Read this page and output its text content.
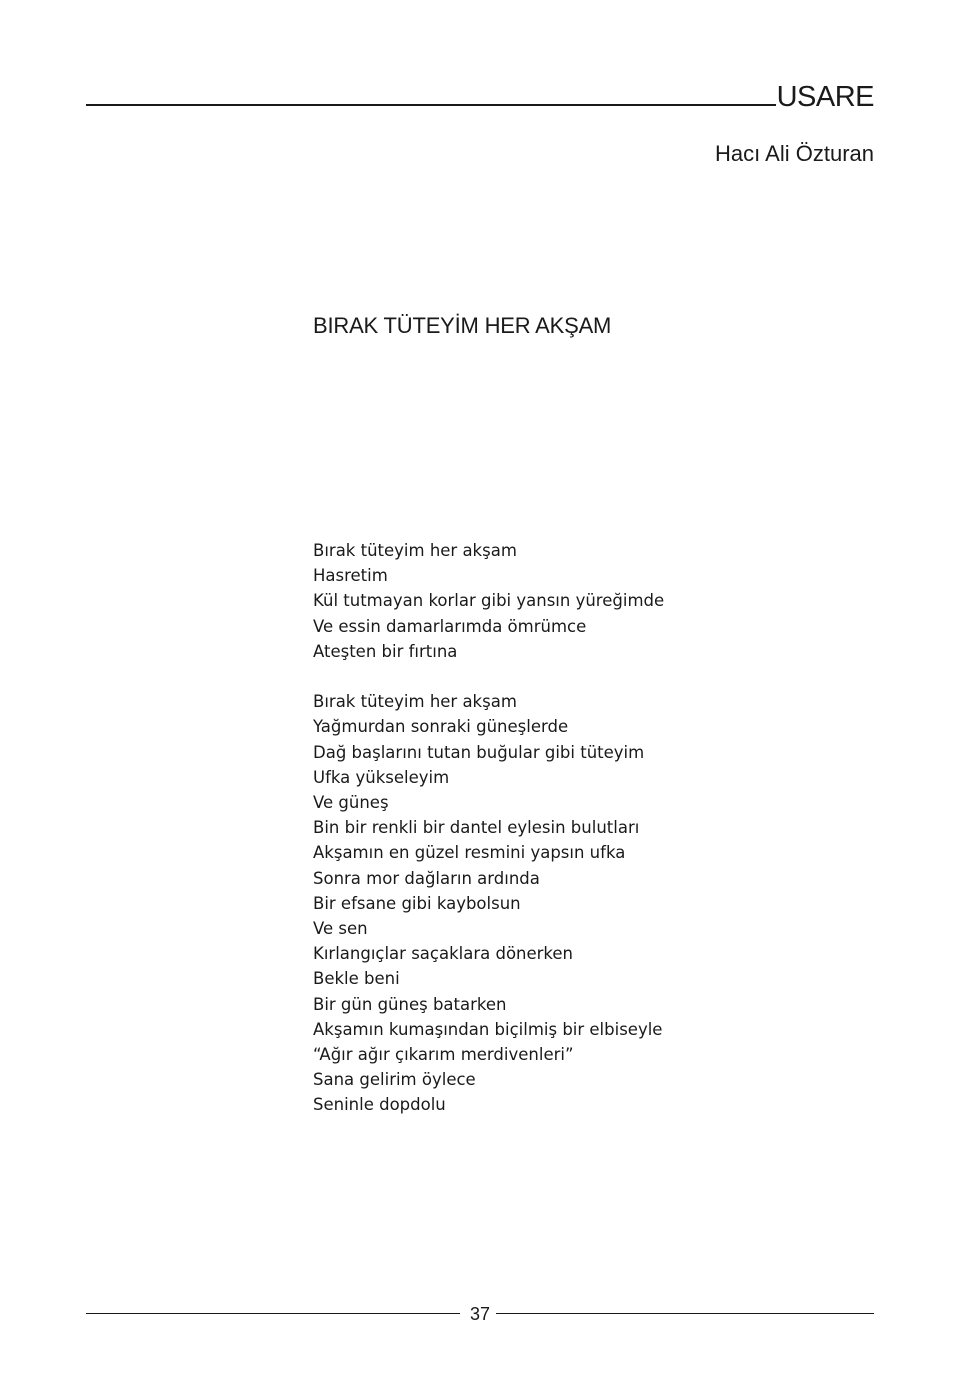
USARE
Hacı Ali Özturan
BIRAK TÜTEYİM HER AKŞAM
Bırak tüteyim her akşam
Hasretim
Kül tutmayan korlar gibi yansın yüreğimde
Ve essin damarlarımda ömrümce
Ateşten bir fırtına
Bırak tüteyim her akşam
Yağmurdan sonraki güneşlerde
Dağ başlarını tutan buğular gibi tüteyim
Ufka yükseleyim
Ve güneş
Bin bir renkli bir dantel eylesin bulutları
Akşamın en güzel resmini yapsın ufka
Sonra mor dağların ardında
Bir efsane gibi kaybolsun
Ve sen
Kırlangıçlar saçaklara dönerken
Bekle beni
Bir gün güneş batarken
Akşamın kumaşından biçilmiş bir elbiseyle
“Ağır ağır çıkarım merdivenleri”
Sana gelirim öylece
Seninle dopdolu
37
